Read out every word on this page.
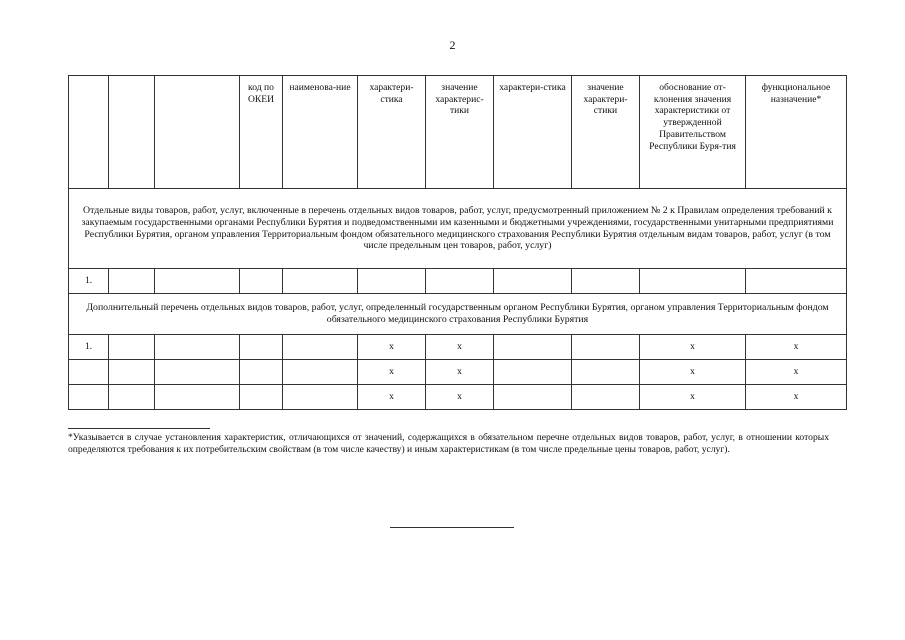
2
			код по ОКЕИ	наименова-ние	характери-стика	значение характерис-тики	характери-стика	значение характери-стики	обоснование от-клонения значения характеристики от утвержденной Правительством Республики Буря-тия	функциональное назначение*
Отдельные виды товаров, работ, услуг, включенные в перечень отдельных видов товаров, работ, услуг, предусмотренный приложением № 2 к Правилам определения требований к закупаемым государственными органами Республики Бурятия и подведомственными им казенными и бюджетными учреждениями, государственными унитарными предприятиями Республики Бурятия, органом управления Территориальным фондом обязательного медицинского страхования Республики Бурятия отдельным видам товаров, работ, услуг (в том числе предельным цен товаров, работ, услуг)										
1.										
Дополнительный перечень отдельных видов товаров, работ, услуг, определенный государственным органом Республики Бурятия, органом управления Территориальным фондом обязательного медицинского страхования Республики Бурятия										
1.					x	x			x	x
					x	x			x	x
					x	x			x	x
*Указывается в случае установления характеристик, отличающихся от значений, содержащихся в обязательном перечне отдельных видов товаров, работ, услуг, в отношении которых определяются требования к их потребительским свойствам (в том числе качеству) и иным характеристикам (в том числе предельные цены товаров, работ, услуг).
